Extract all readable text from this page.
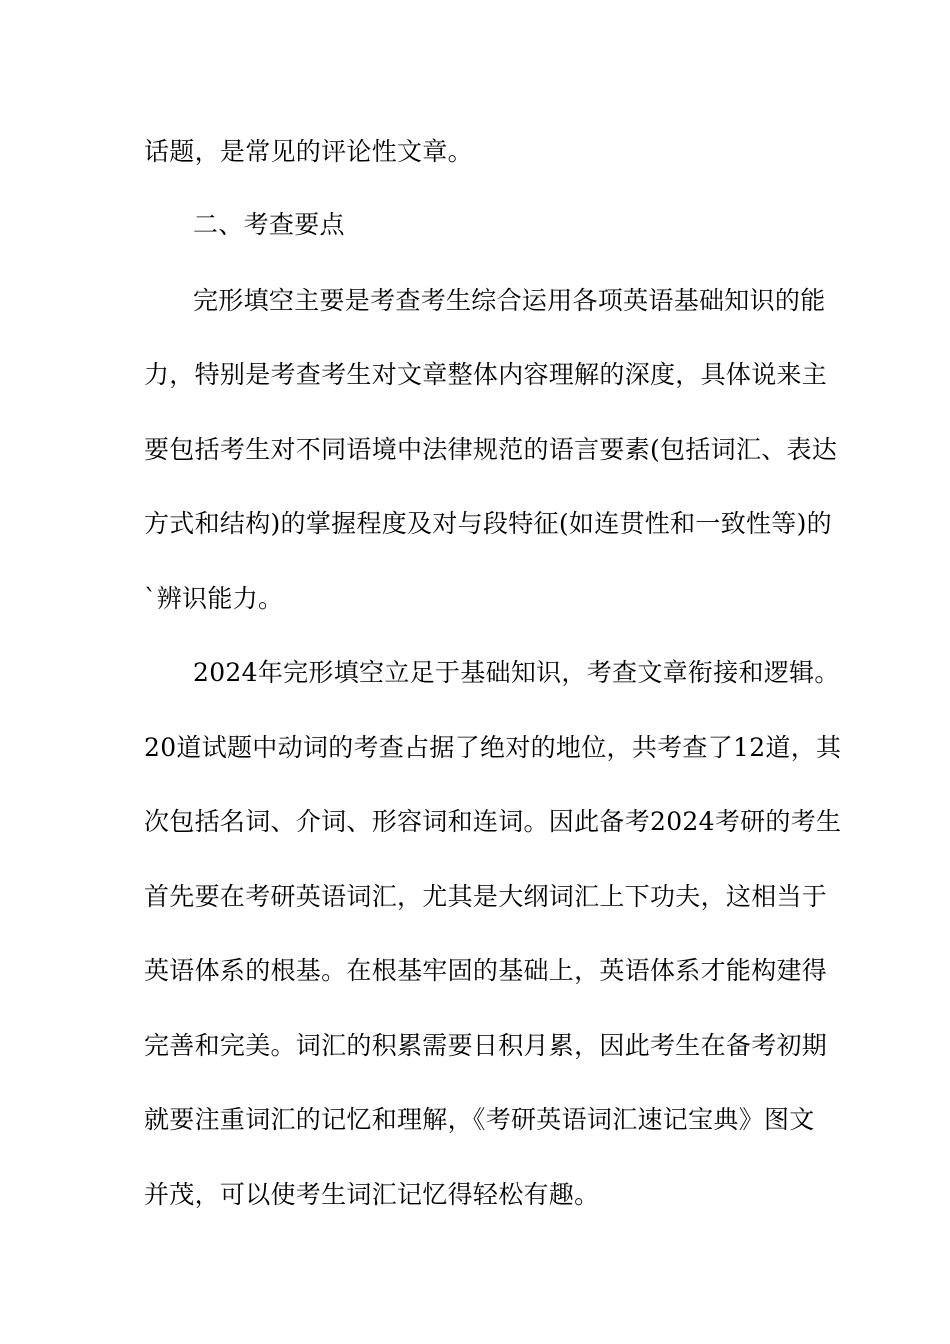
话题，是常见的评论性文章。
二、考查要点
完形填空主要是考查考生综合运用各项英语基础知识的能
力，特别是考查考生对文章整体内容理解的深度，具体说来主
要包括考生对不同语境中法律规范的语言要素(包括词汇、表达
方式和结构)的掌握程度及对与段特征(如连贯性和一致性等)的
`辨识能力。
2024年完形填空立足于基础知识，考查文章衔接和逻辑。
20道试题中动词的考查占据了绝对的地位，共考查了12道，其
次包括名词、介词、形容词和连词。因此备考2024考研的考生
首先要在考研英语词汇，尤其是大纲词汇上下功夫，这相当于
英语体系的根基。在根基牢固的基础上，英语体系才能构建得
完善和完美。词汇的积累需要日积月累，因此考生在备考初期
就要注重词汇的记忆和理解，《考研英语词汇速记宝典》图文
并茂，可以使考生词汇记忆得轻松有趣。
